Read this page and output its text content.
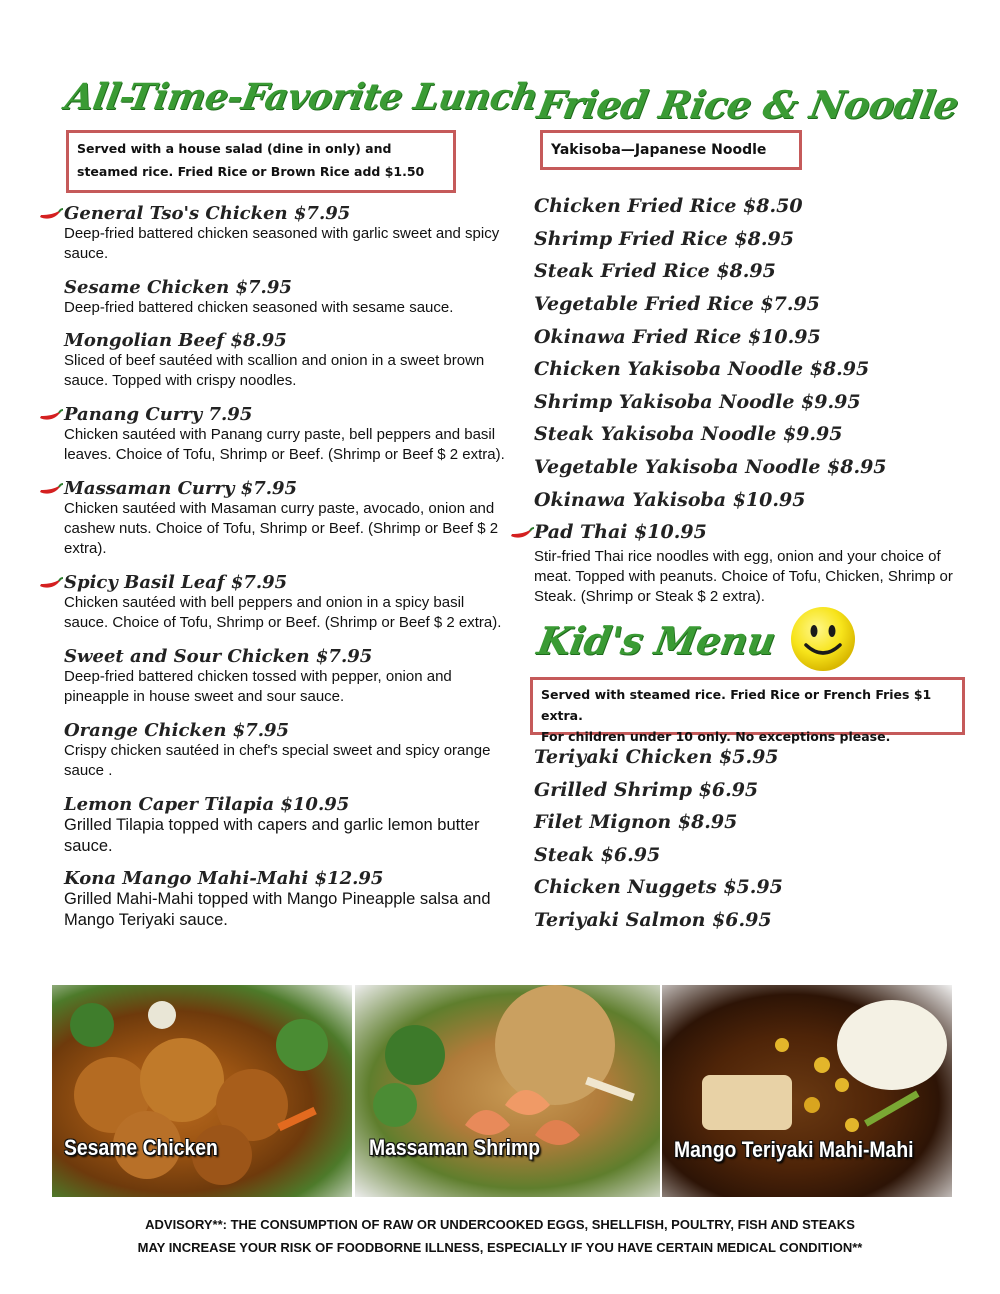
All-Time-Favorite Lunch
Served with a house salad (dine in only) and steamed rice. Fried Rice or Brown Rice add $1.50
General Tso's Chicken $7.95
Deep-fried battered chicken seasoned with garlic sweet and spicy sauce.
Sesame Chicken $7.95
Deep-fried battered chicken seasoned with sesame sauce.
Mongolian Beef $8.95
Sliced of beef sautéed with scallion and onion in a sweet brown sauce. Topped with crispy noodles.
Panang Curry 7.95
Chicken sautéed with Panang curry paste, bell peppers and basil leaves. Choice of Tofu, Shrimp or Beef. (Shrimp or Beef $ 2 extra).
Massaman Curry $7.95
Chicken sautéed with Masaman curry paste, avocado, onion and cashew nuts. Choice of Tofu, Shrimp or Beef. (Shrimp or Beef $ 2 extra).
Spicy Basil Leaf $7.95
Chicken sautéed with bell peppers and onion in a spicy basil sauce. Choice of Tofu, Shrimp or Beef. (Shrimp or Beef $ 2 extra).
Sweet and Sour Chicken $7.95
Deep-fried battered chicken tossed with pepper, onion and pineapple in house sweet and sour sauce.
Orange Chicken $7.95
Crispy chicken sautéed in chef's special sweet and spicy orange sauce .
Lemon Caper Tilapia $10.95
Grilled Tilapia topped with capers and garlic lemon butter sauce.
Kona Mango Mahi-Mahi $12.95
Grilled Mahi-Mahi topped with Mango Pineapple salsa and Mango Teriyaki sauce.
Fried Rice & Noodle
Yakisoba—Japanese Noodle
Chicken Fried Rice $8.50
Shrimp Fried Rice $8.95
Steak Fried Rice $8.95
Vegetable Fried Rice $7.95
Okinawa Fried Rice $10.95
Chicken Yakisoba Noodle $8.95
Shrimp Yakisoba Noodle $9.95
Steak Yakisoba Noodle $9.95
Vegetable Yakisoba Noodle $8.95
Okinawa Yakisoba $10.95
Pad Thai $10.95
Stir-fried Thai rice noodles with egg, onion and your choice of meat. Topped with peanuts. Choice of Tofu, Chicken, Shrimp or Steak. (Shrimp or Steak $ 2 extra).
Kid's Menu
Served with steamed rice. Fried Rice or French Fries $1 extra.
For children under 10 only. No exceptions please.
Teriyaki Chicken $5.95
Grilled Shrimp $6.95
Filet Mignon $8.95
Steak $6.95
Chicken Nuggets $5.95
Teriyaki Salmon $6.95
Sesame Chicken	Massaman Shrimp	Mango Teriyaki Mahi-Mahi
ADVISORY**: THE CONSUMPTION OF RAW OR UNDERCOOKED EGGS, SHELLFISH, POULTRY, FISH AND STEAKS
MAY INCREASE YOUR RISK OF FOODBORNE ILLNESS, ESPECIALLY IF YOU HAVE CERTAIN MEDICAL CONDITION**
